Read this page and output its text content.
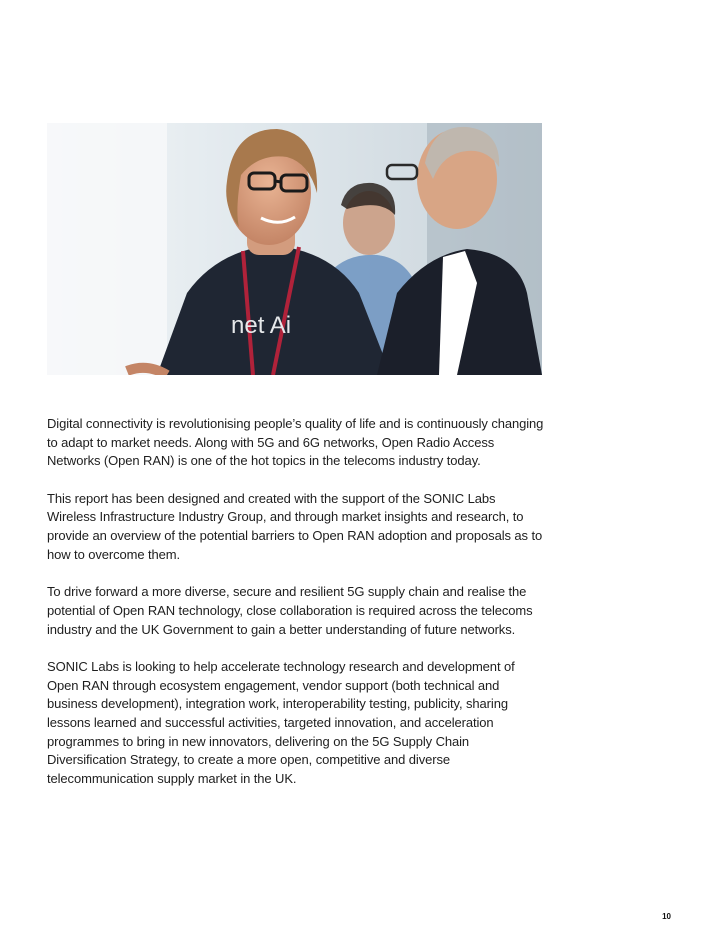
net Ai

Digital connectivity is revolutionising people’s quality of life and is continuously changing to adapt to market needs. Along with 5G and 6G networks, Open Radio Access Networks (Open RAN) is one of the hot topics in the telecoms industry today.

This report has been designed and created with the support of the SONIC Labs Wireless Infrastructure Industry Group, and through market insights and research, to provide an overview of the potential barriers to Open RAN adoption and proposals as to how to overcome them.

To drive forward a more diverse, secure and resilient 5G supply chain and realise the potential of Open RAN technology, close collaboration is required across the telecoms industry and the UK Government to gain a better understanding of future networks.

SONIC Labs is looking to help accelerate technology research and development of Open RAN through ecosystem engagement, vendor support (both technical and business development), integration work, interoperability testing, publicity, sharing lessons learned and successful activities, targeted innovation, and acceleration programmes to bring in new innovators, delivering on the 5G Supply Chain Diversification Strategy, to create a more open, competitive and diverse telecommunication supply market in the UK.

10
